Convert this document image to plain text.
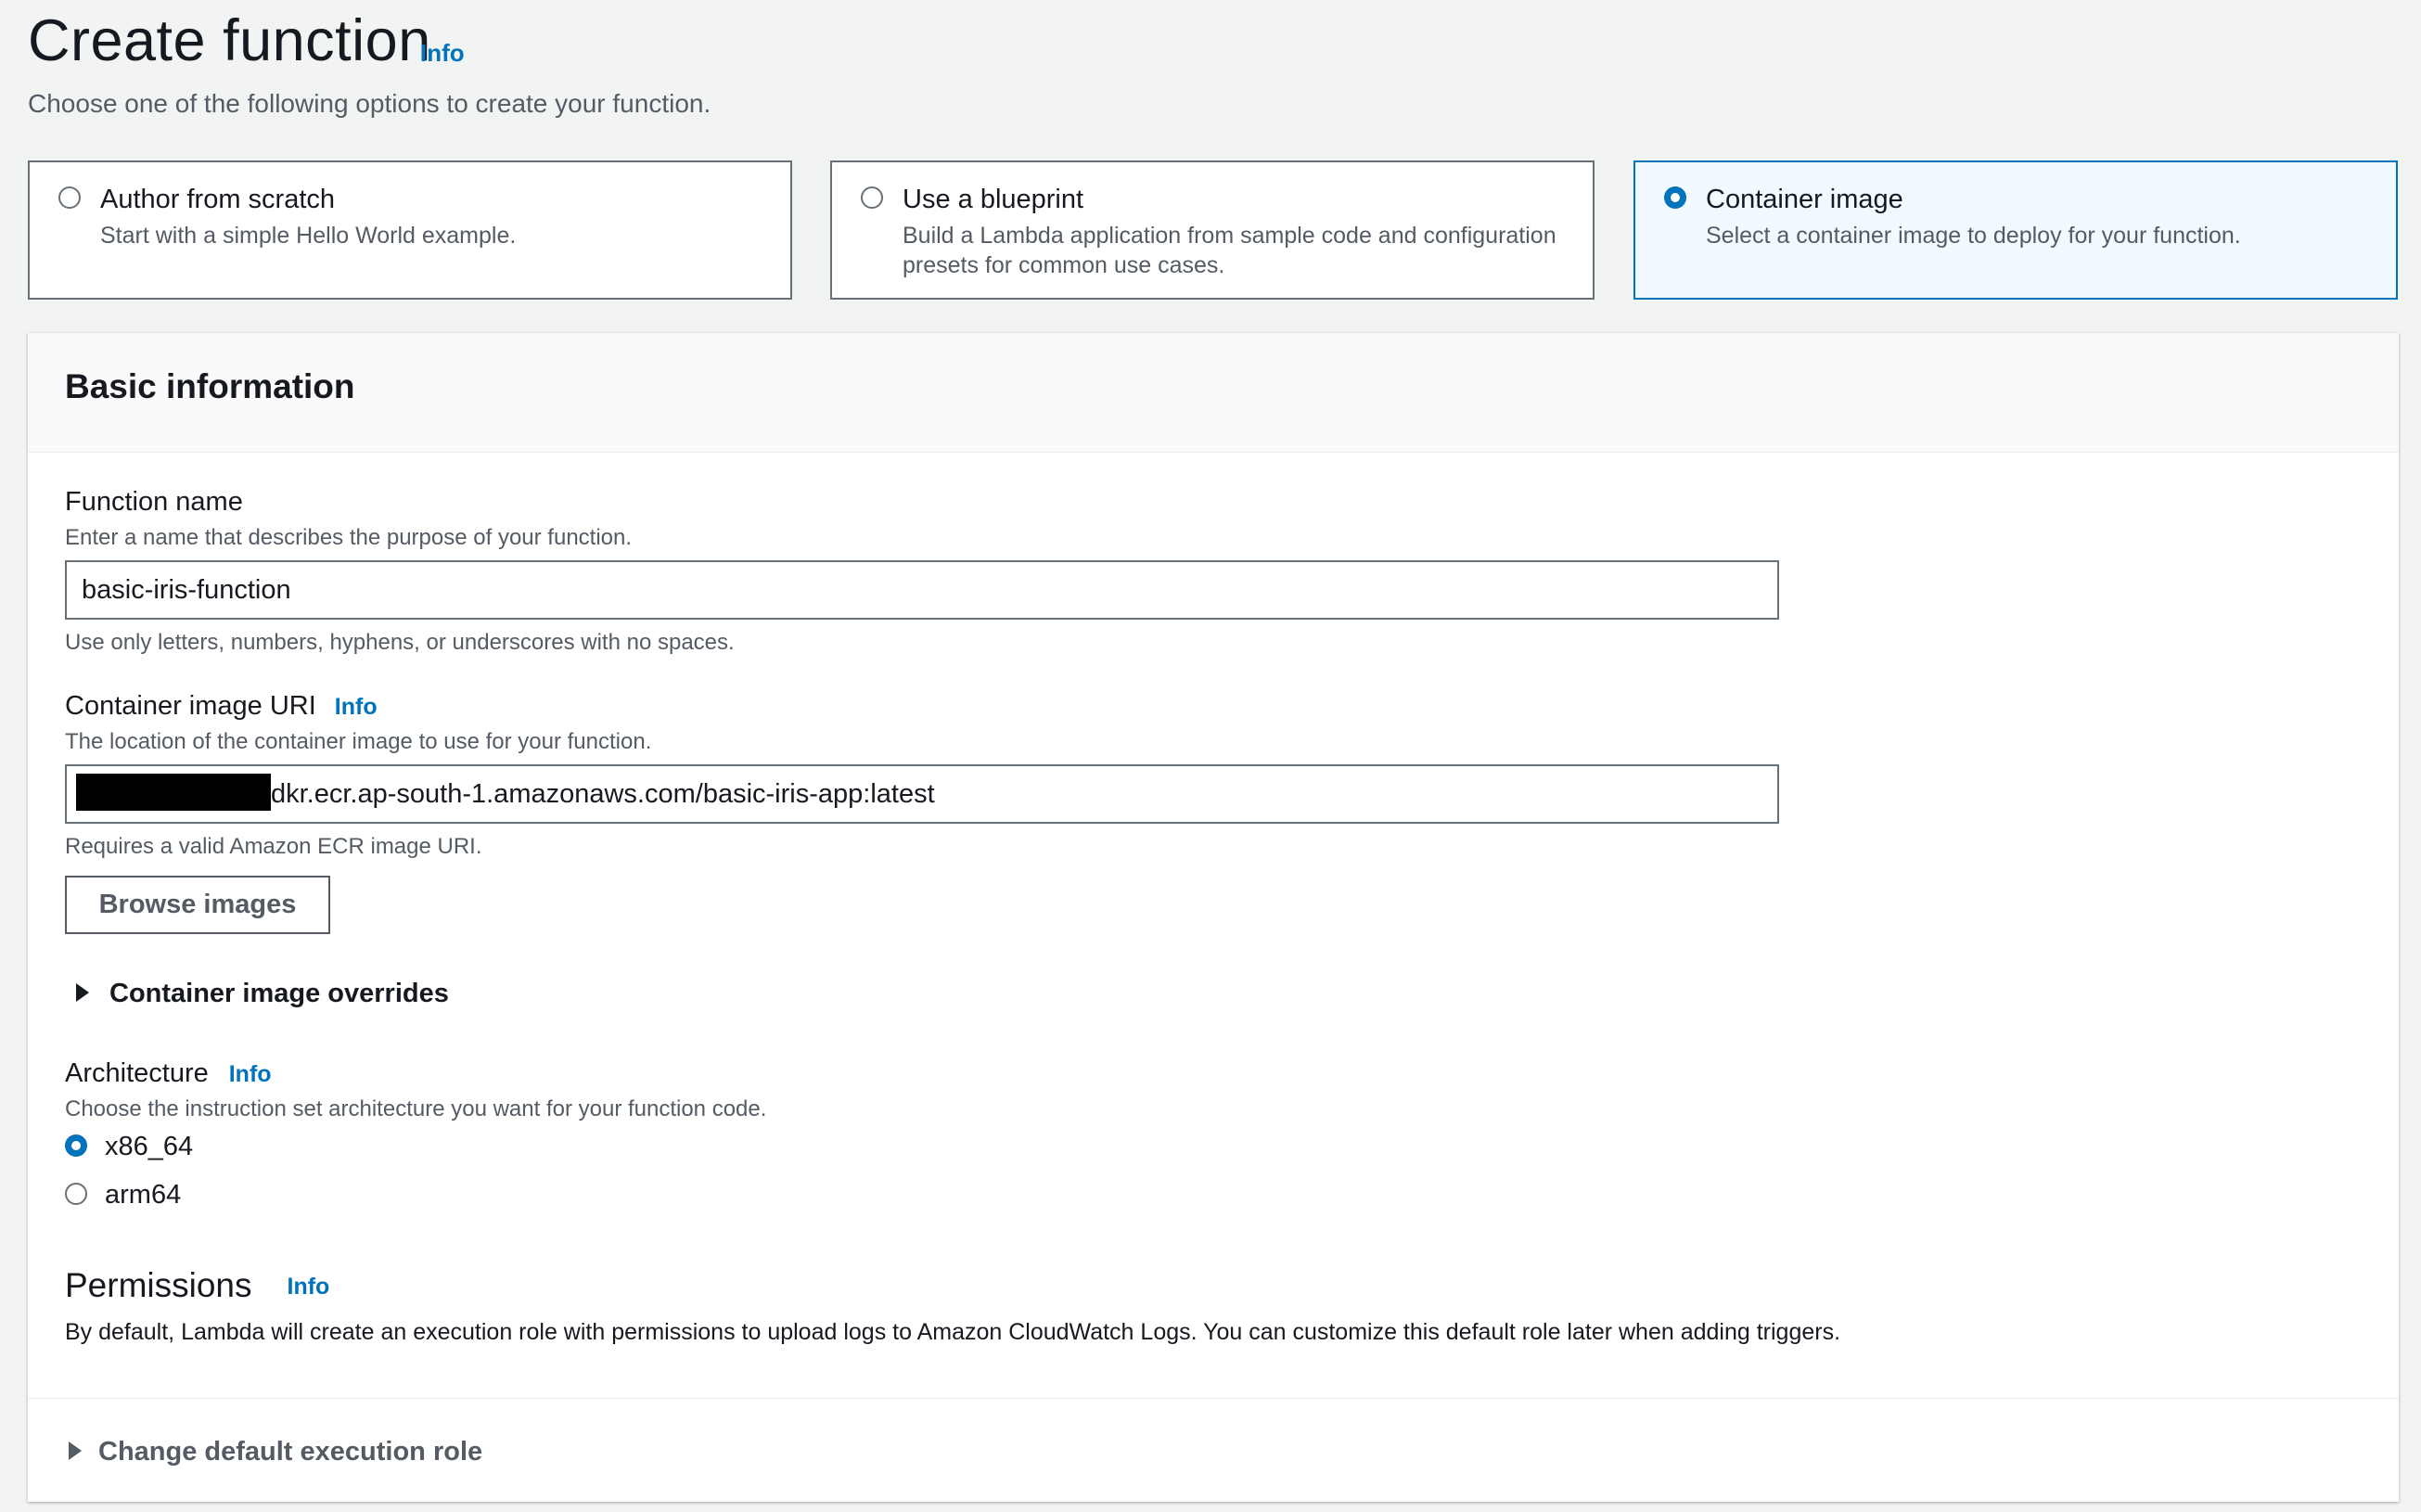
Create function
Info
Choose one of the following options to create your function.
Author from scratch
Start with a simple Hello World example.
Use a blueprint
Build a Lambda application from sample code and configuration presets for common use cases.
Container image
Select a container image to deploy for your function.
Basic information
Function name
Enter a name that describes the purpose of your function.
basic-iris-function
Use only letters, numbers, hyphens, or underscores with no spaces.
Container image URI Info
The location of the container image to use for your function.
dkr.ecr.ap-south-1.amazonaws.com/basic-iris-app:latest
Requires a valid Amazon ECR image URI.
Browse images
Container image overrides
Architecture Info
Choose the instruction set architecture you want for your function code.
x86_64
arm64
Permissions Info
By default, Lambda will create an execution role with permissions to upload logs to Amazon CloudWatch Logs. You can customize this default role later when adding triggers.
Change default execution role
